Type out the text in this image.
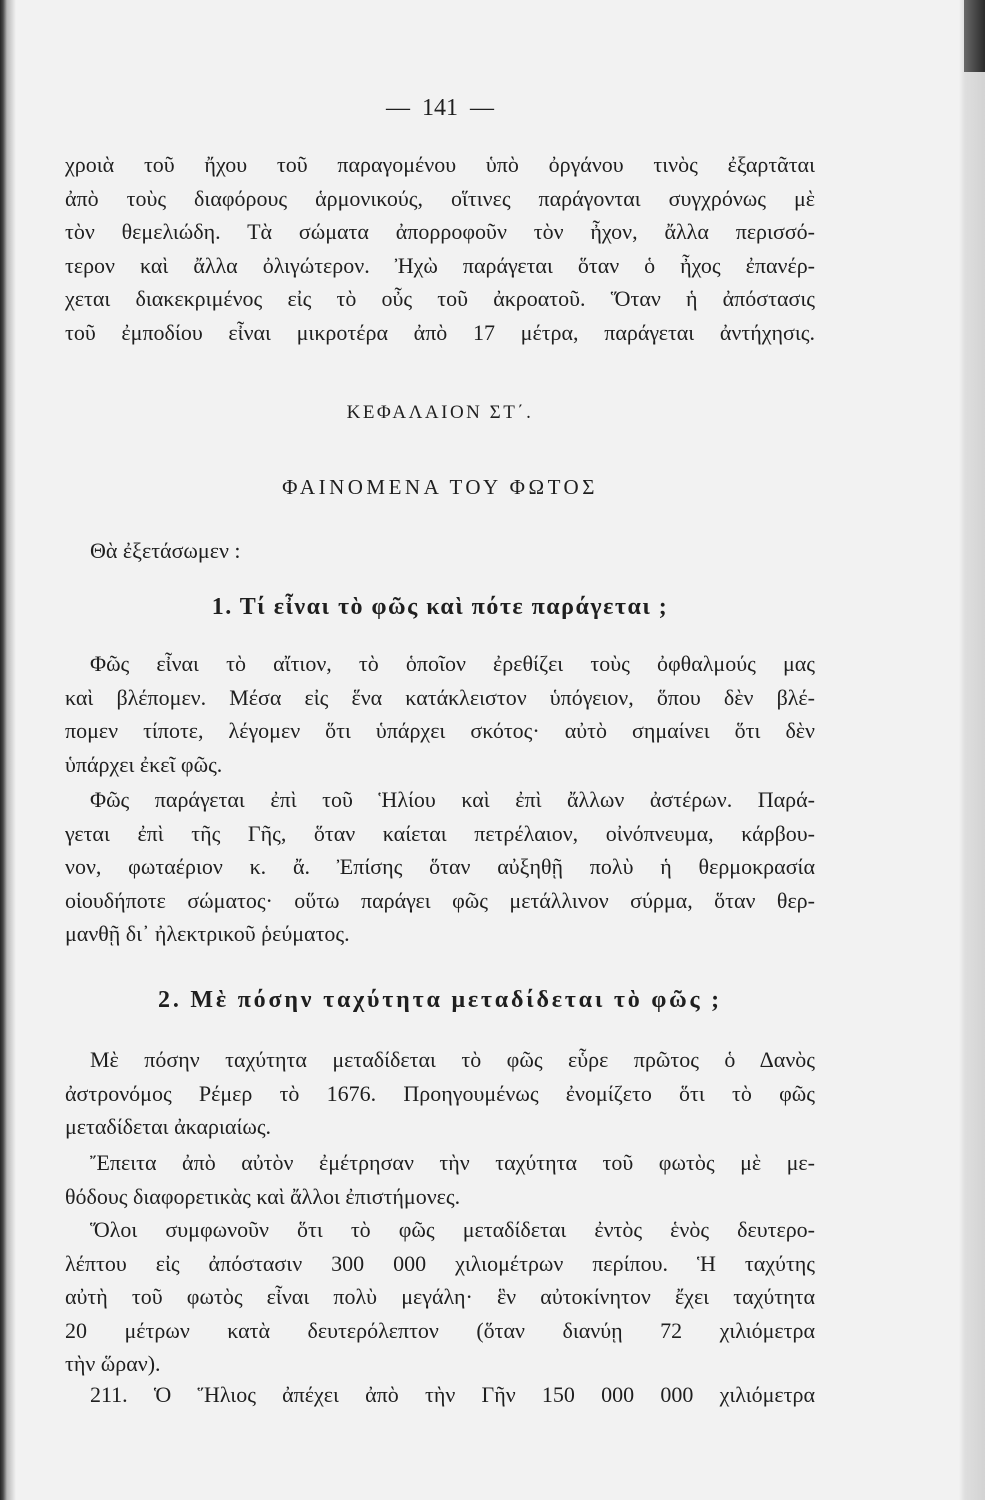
— 141 —
χροιὰ τοῦ ἤχου τοῦ παραγομένου ὑπὸ ὀργάνου τινὸς ἐξαρτᾶται
ἀπὸ τοὺς διαφόρους ἁρμονικούς, οἵτινες παράγονται συγχρόνως μὲ
τὸν θεμελιώδη. Τὰ σώματα ἀπορροφοῦν τὸν ἦχον, ἄλλα περισσό-
τερον καὶ ἄλλα ὀλιγώτερον. Ἠχὼ παράγεται ὅταν ὁ ἦχος ἐπανέρ-
χεται διακεκριμένος εἰς τὸ οὖς τοῦ ἀκροατοῦ. Ὅταν ἡ ἀπόστασις
τοῦ ἐμποδίου εἶναι μικροτέρα ἀπὸ 17 μέτρα, παράγεται ἀντήχησις.
ΚΕΦΑΛΑΙΟΝ ΣΤ΄.
ΦΑΙΝΟΜΕΝΑ ΤΟΥ ΦΩΤΟΣ
Θὰ ἐξετάσωμεν :
1. Τί εἶναι τὸ φῶς καὶ πότε παράγεται ;
Φῶς εἶναι τὸ αἴτιον, τὸ ὁποῖον ἐρεθίζει τοὺς ὀφθαλμούς μας
καὶ βλέπομεν. Μέσα εἰς ἕνα κατάκλειστον ὑπόγειον, ὅπου δὲν βλέ-
πομεν τίποτε, λέγομεν ὅτι ὑπάρχει σκότος· αὐτὸ σημαίνει ὅτι δὲν
ὑπάρχει ἐκεῖ φῶς.
Φῶς παράγεται ἐπὶ τοῦ Ἡλίου καὶ ἐπὶ ἄλλων ἀστέρων. Παρά-
γεται ἐπὶ τῆς Γῆς, ὅταν καίεται πετρέλαιον, οἰνόπνευμα, κάρβου-
νον, φωταέριον κ. ἄ. Ἐπίσης ὅταν αὐξηθῇ πολὺ ἡ θερμοκρασία
οἱουδήποτε σώματος· οὕτω παράγει φῶς μετάλλινον σύρμα, ὅταν θερ-
μανθῇ δι᾽ ἠλεκτρικοῦ ῥεύματος.
2. Μὲ πόσην ταχύτητα μεταδίδεται τὸ φῶς ;
Μὲ πόσην ταχύτητα μεταδίδεται τὸ φῶς εὗρε πρῶτος ὁ Δανὸς
ἀστρονόμος Ρέμερ τὸ 1676. Προηγουμένως ἐνομίζετο ὅτι τὸ φῶς
μεταδίδεται ἀκαριαίως.
Ἔπειτα ἀπὸ αὐτὸν ἐμέτρησαν τὴν ταχύτητα τοῦ φωτὸς μὲ με-
θόδους διαφορετικὰς καὶ ἄλλοι ἐπιστήμονες.
Ὅλοι συμφωνοῦν ὅτι τὸ φῶς μεταδίδεται ἐντὸς ἑνὸς δευτερο-
λέπτου εἰς ἀπόστασιν 300 000 χιλιομέτρων περίπου. Ἡ ταχύτης
αὐτὴ τοῦ φωτὸς εἶναι πολὺ μεγάλη· ἓν αὐτοκίνητον ἔχει ταχύτητα
20 μέτρων κατὰ δευτερόλεπτον (ὅταν διανύῃ 72 χιλιόμετρα
τὴν ὥραν).
211. Ὁ Ἥλιος ἀπέχει ἀπὸ τὴν Γῆν 150 000 000 χιλιόμετρα
